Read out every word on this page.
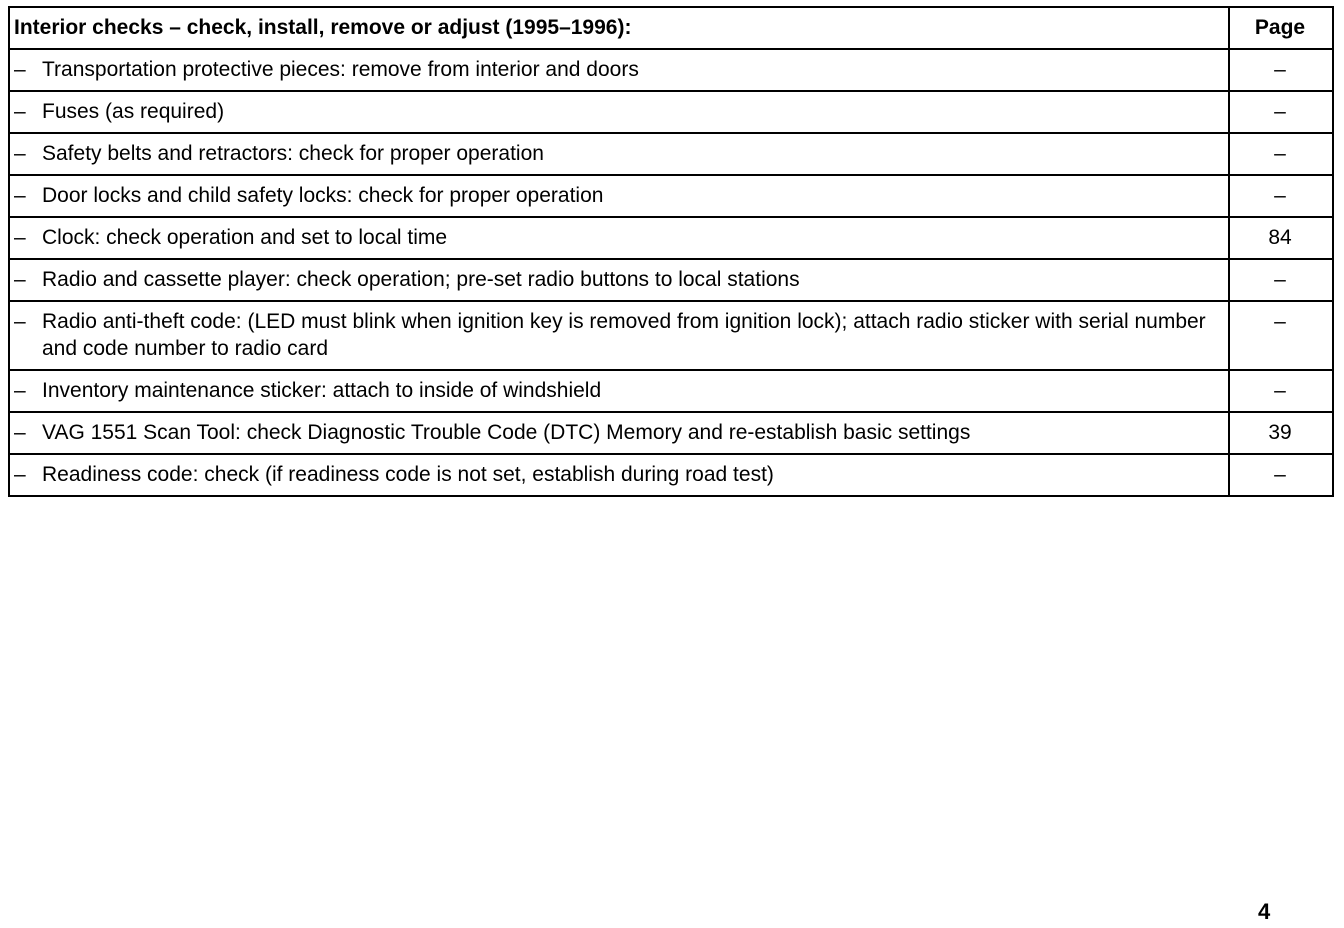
Interior checks – check, install, remove or adjust (1995–1996):	Page

– Transportation protective pieces: remove from interior and doors	–

– Fuses (as required)	–

– Safety belts and retractors: check for proper operation	–

– Door locks and child safety locks: check for proper operation	–

– Clock: check operation and set to local time	84

– Radio and cassette player: check operation; pre-set radio buttons to local stations	–

– Radio anti-theft code: (LED must blink when ignition key is removed from ignition lock); attach radio sticker with serial number and code number to radio card	–

– Inventory maintenance sticker: attach to inside of windshield	–

– VAG 1551 Scan Tool: check Diagnostic Trouble Code (DTC) Memory and re-establish basic settings	39

– Readiness code: check (if readiness code is not set, establish during road test)	–
4
